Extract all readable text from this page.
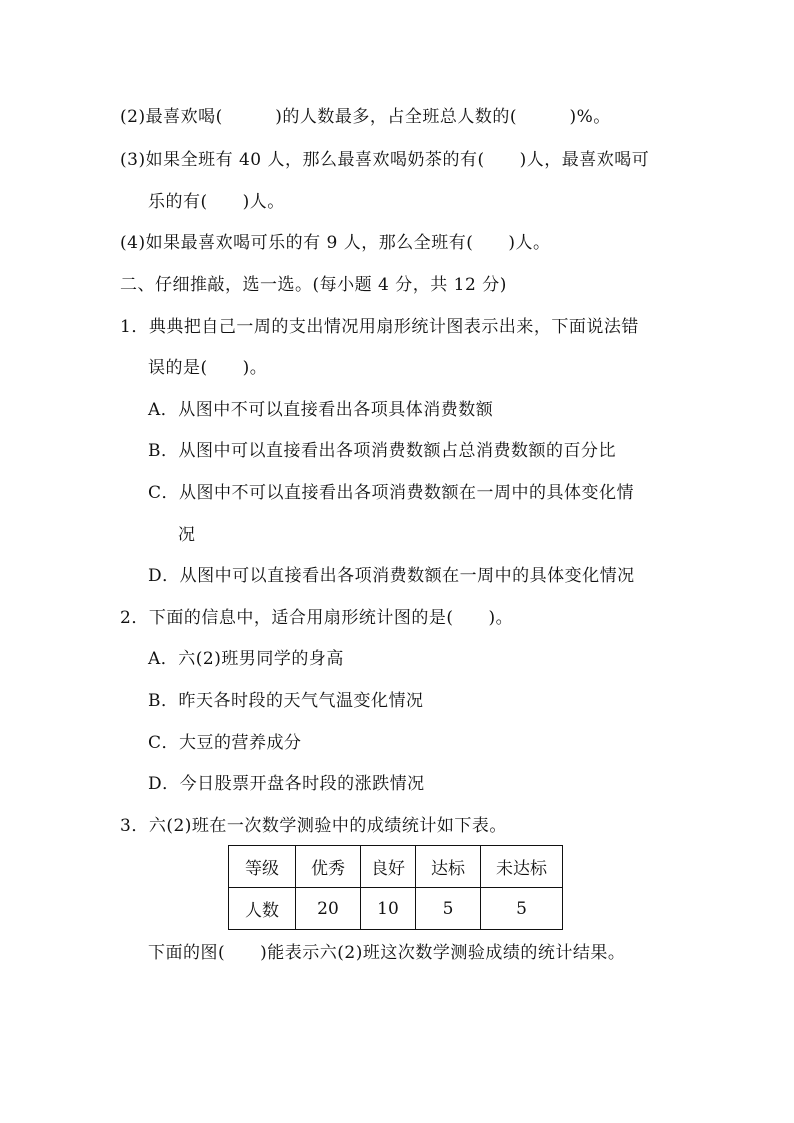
(2)最喜欢喝(　　　)的人数最多，占全班总人数的(　　　)%。
(3)如果全班有 40 人，那么最喜欢喝奶茶的有(　　)人，最喜欢喝可
乐的有(　　)人。
(4)如果最喜欢喝可乐的有 9 人，那么全班有(　　)人。
二、仔细推敲，选一选。(每小题 4 分，共 12 分)
1．典典把自己一周的支出情况用扇形统计图表示出来，下面说法错
误的是(　　)。
A．从图中不可以直接看出各项具体消费数额
B．从图中可以直接看出各项消费数额占总消费数额的百分比
C．从图中不可以直接看出各项消费数额在一周中的具体变化情
况
D．从图中可以直接看出各项消费数额在一周中的具体变化情况
2．下面的信息中，适合用扇形统计图的是(　　)。
A．六(2)班男同学的身高
B．昨天各时段的天气气温变化情况
C．大豆的营养成分
D．今日股票开盘各时段的涨跌情况
3．六(2)班在一次数学测验中的成绩统计如下表。
等级	优秀	良好	达标	未达标
人数	20	10	5	5
下面的图(　　)能表示六(2)班这次数学测验成绩的统计结果。
